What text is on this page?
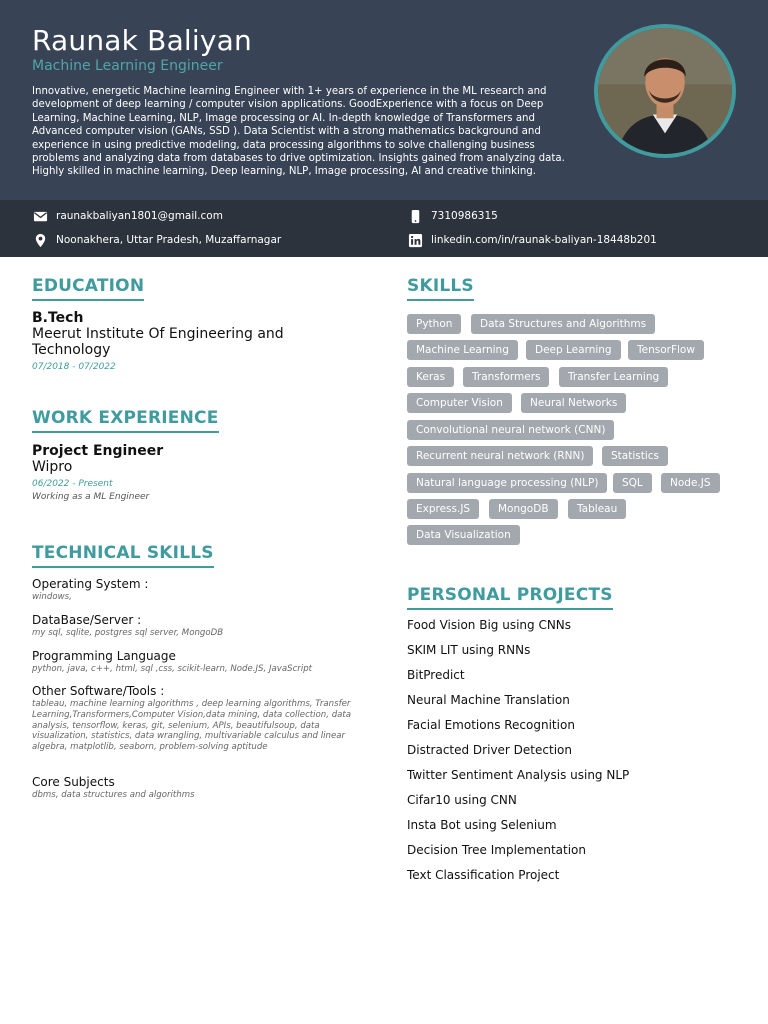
Raunak Baliyan
Machine Learning Engineer

Innovative, energetic Machine learning Engineer with 1+ years of experience in the ML research and development of deep learning / computer vision applications. GoodExperience with a focus on Deep Learning, Machine Learning, NLP, Image processing or AI. In-depth knowledge of Transformers and Advanced computer vision (GANs, SSD ). Data Scientist with a strong mathematics background and experience in using predictive modeling, data processing algorithms to solve challenging business problems and analyzing data from databases to drive optimization. Insights gained from analyzing data. Highly skilled in machine learning, Deep learning, NLP, Image processing, AI and creative thinking.

raunakbaliyan1801@gmail.com	7310986315
Noonakhera, Uttar Pradesh, Muzaffarnagar	linkedin.com/in/raunak-baliyan-18448b201
EDUCATION
B.Tech
Meerut Institute Of Engineering and Technology
07/2018 - 07/2022
WORK EXPERIENCE
Project Engineer
Wipro
06/2022 - Present
Working as a ML Engineer
TECHNICAL SKILLS
Operating System :
windows,
DataBase/Server :
my sql, sqlite, postgres sql server, MongoDB
Programming Language
python, java, c++, html, sql ,css, scikit-learn, Node.JS, JavaScript
Other Software/Tools :
tableau, machine learning algorithms , deep learning algorithms, Transfer Learning,Transformers,Computer Vision,data mining, data collection, data analysis, tensorflow, keras, git, selenium, APIs, beautifulsoup, data visualization, statistics, data wrangling, multivariable calculus and linear algebra, matplotlib, seaborn, problem-solving aptitude
Core Subjects
dbms, data structures and algorithms
SKILLS
Python	Data Structures and Algorithms
Machine Learning	Deep Learning	TensorFlow
Keras	Transformers	Transfer Learning
Computer Vision	Neural Networks
Convolutional neural network (CNN)
Recurrent neural network (RNN)	Statistics
Natural language processing (NLP)	SQL	Node.JS
Express.JS	MongoDB	Tableau
Data Visualization
PERSONAL PROJECTS
Food Vision Big using CNNs
SKIM LIT using RNNs
BitPredict
Neural Machine Translation
Facial Emotions Recognition
Distracted Driver Detection
Twitter Sentiment Analysis using NLP
Cifar10 using CNN
Insta Bot using Selenium
Decision Tree Implementation
Text Classification Project
